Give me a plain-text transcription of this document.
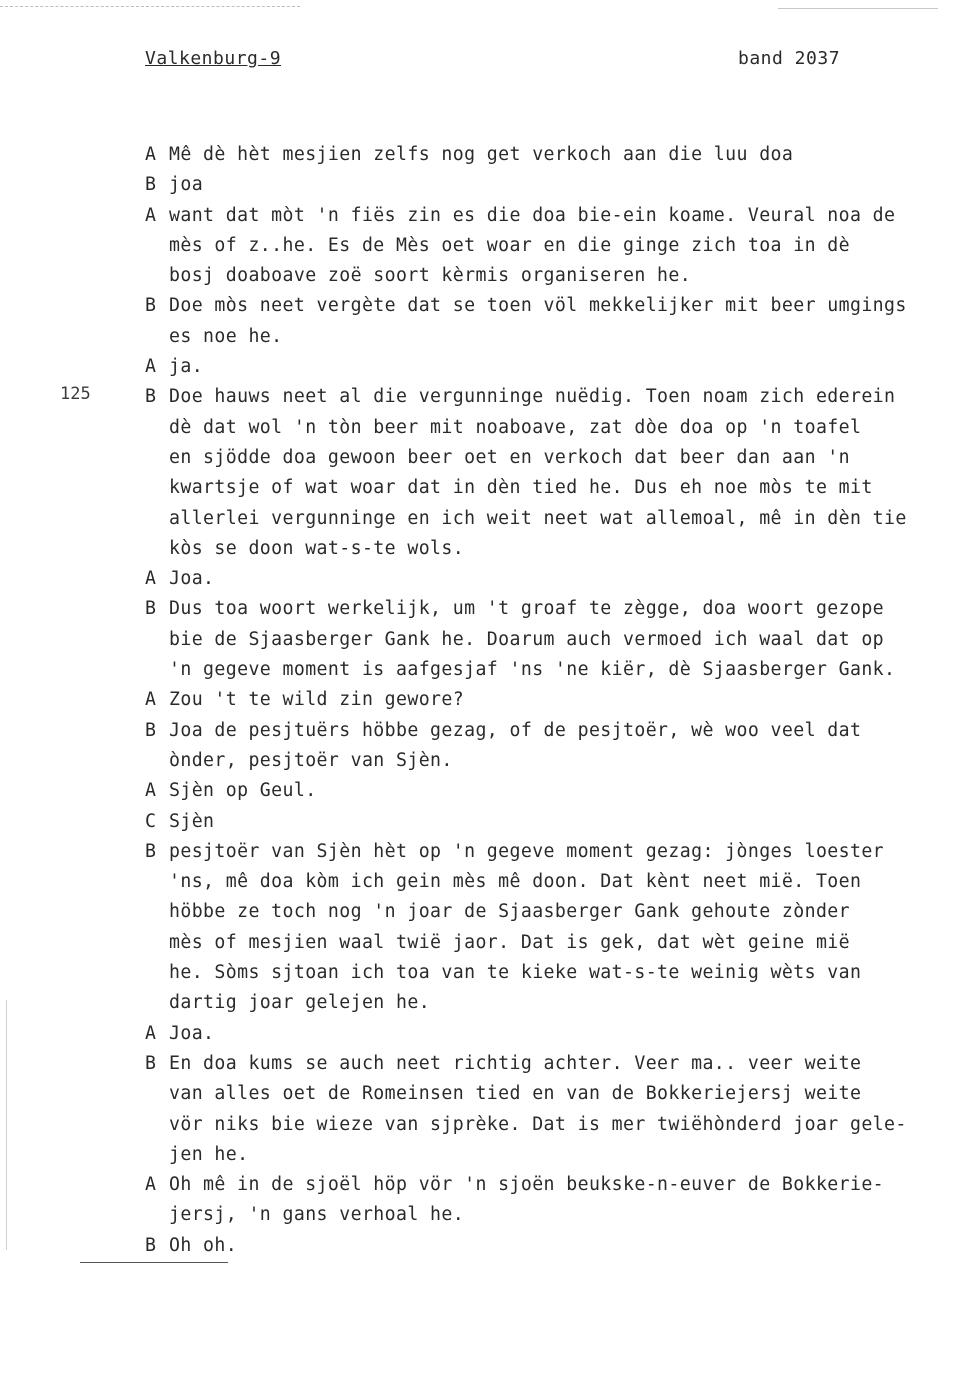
Valkenburg-9	band 2037
125
A Mê dè hèt mesjien zelfs nog get verkoch aan die luu doa
B joa
A want dat mòt 'n fiës zin es die doa bie-ein koame. Veural noa de
mès of z..he. Es de Mès oet woar en die ginge zich toa in dè
bosj doaboave zoë soort kèrmis organiseren he.
B Doe mòs neet vergète dat se toen völ mekkelijker mit beer umgings
es noe he.
A ja.
B Doe hauws neet al die vergunninge nuëdig. Toen noam zich ederein
dè dat wol 'n tòn beer mit noaboave, zat dòe doa op 'n toafel
en sjödde doa gewoon beer oet en verkoch dat beer dan aan 'n
kwartsje of wat woar dat in dèn tied he. Dus eh noe mòs te mit
allerlei vergunninge en ich weit neet wat allemoal, mê in dèn tie
kòs se doon wat-s-te wols.
A Joa.
B Dus toa woort werkelijk, um 't groaf te zègge, doa woort gezope
bie de Sjaasberger Gank he. Doarum auch vermoed ich waal dat op
'n gegeve moment is aafgesjaf 'ns 'ne kiër, dè Sjaasberger Gank.
A Zou 't te wild zin gewore?
B Joa de pesjtuërs höbbe gezag, of de pesjtoër, wè woo veel dat
ònder, pesjtoër van Sjèn.
A Sjèn op Geul.
C Sjèn
B pesjtoër van Sjèn hèt op 'n gegeve moment gezag: jònges loester
'ns, mê doa kòm ich gein mès mê doon. Dat kènt neet mië. Toen
höbbe ze toch nog 'n joar de Sjaasberger Gank gehoute zònder
mès of mesjien waal twië jaor. Dat is gek, dat wèt geine mië
he. Sòms sjtoan ich toa van te kieke wat-s-te weinig wèts van
dartig joar gelejen he.
A Joa.
B En doa kums se auch neet richtig achter. Veer ma.. veer weite
van alles oet de Romeinsen tied en van de Bokkeriejersj weite
vör niks bie wieze van sjprèke. Dat is mer twiëhònderd joar gele-
jen he.
A Oh mê in de sjoël höp vör 'n sjoën beukske-n-euver de Bokkerie-
jersj, 'n gans verhoal he.
B Oh oh.
